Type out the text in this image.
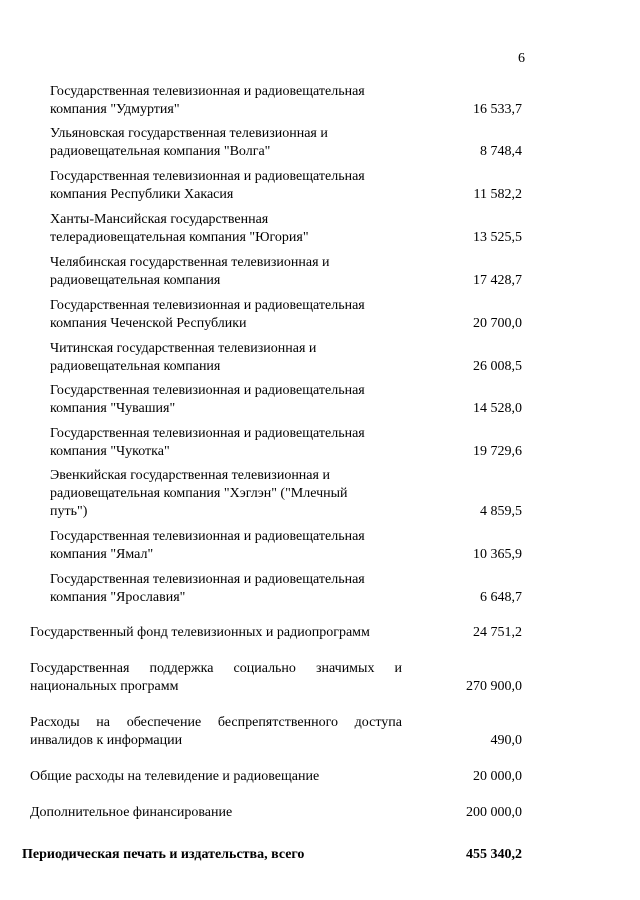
6
Государственная телевизионная и радиовещательная
компания "Удмуртия"	16 533,7
Ульяновская государственная телевизионная и
радиовещательная компания "Волга"	8 748,4
Государственная телевизионная и радиовещательная
компания Республики Хакасия	11 582,2
Ханты-Мансийская государственная
телерадиовещательная компания "Югория"	13 525,5
Челябинская государственная телевизионная и
радиовещательная компания	17 428,7
Государственная телевизионная и радиовещательная
компания Чеченской Республики	20 700,0
Читинская государственная телевизионная и
радиовещательная компания	26 008,5
Государственная телевизионная и радиовещательная
компания "Чувашия"	14 528,0
Государственная телевизионная и радиовещательная
компания "Чукотка"	19 729,6
Эвенкийская государственная телевизионная и
радиовещательная компания "Хэглэн" ("Млечный
путь")	4 859,5
Государственная телевизионная и радиовещательная
компания "Ямал"	10 365,9
Государственная телевизионная и радиовещательная
компания "Ярославия"	6 648,7
Государственный фонд телевизионных и радиопрограмм	24 751,2
Государственная поддержка социально значимых и
национальных программ	270 900,0
Расходы на обеспечение беспрепятственного доступа
инвалидов к информации	490,0
Общие расходы на телевидение и радиовещание	20 000,0
Дополнительное финансирование	200 000,0
Периодическая печать и издательства, всего	455 340,2
